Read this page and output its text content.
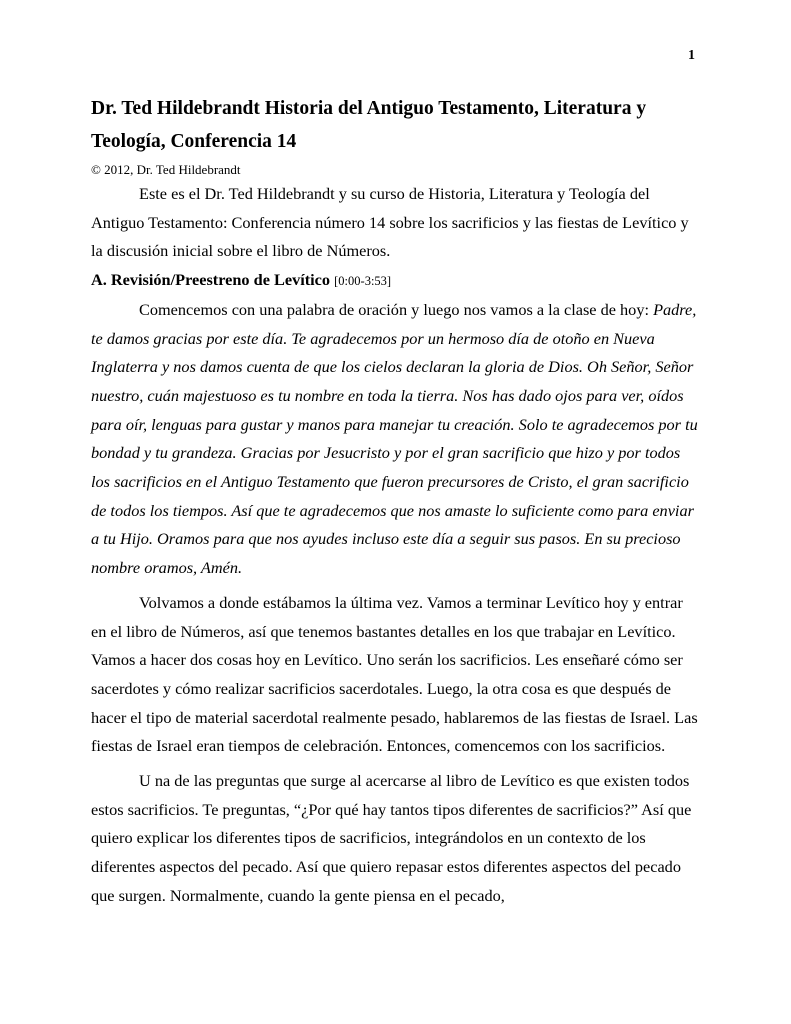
1
Dr. Ted Hildebrandt Historia del Antiguo Testamento, Literatura y Teología, Conferencia 14

© 2012, Dr. Ted Hildebrandt

Este es el Dr. Ted Hildebrandt y su curso de Historia, Literatura y Teología del Antiguo Testamento: Conferencia número 14 sobre los sacrificios y las fiestas de Levítico y la discusión inicial sobre el libro de Números.

A. Revisión/Preestreno de Levítico [0:00-3:53]

Comencemos con una palabra de oración y luego nos vamos a la clase de hoy: Padre, te damos gracias por este día. Te agradecemos por un hermoso día de otoño en Nueva Inglaterra y nos damos cuenta de que los cielos declaran la gloria de Dios. Oh Señor, Señor nuestro, cuán majestuoso es tu nombre en toda la tierra. Nos has dado ojos para ver, oídos para oír, lenguas para gustar y manos para manejar tu creación. Solo te agradecemos por tu bondad y tu grandeza. Gracias por Jesucristo y por el gran sacrificio que hizo y por todos los sacrificios en el Antiguo Testamento que fueron precursores de Cristo, el gran sacrificio de todos los tiempos. Así que te agradecemos que nos amaste lo suficiente como para enviar a tu Hijo. Oramos para que nos ayudes incluso este día a seguir sus pasos. En su precioso nombre oramos, Amén.

Volvamos a donde estábamos la última vez. Vamos a terminar Levítico hoy y entrar en el libro de Números, así que tenemos bastantes detalles en los que trabajar en Levítico. Vamos a hacer dos cosas hoy en Levítico. Uno serán los sacrificios. Les enseñaré cómo ser sacerdotes y cómo realizar sacrificios sacerdotales. Luego, la otra cosa es que después de hacer el tipo de material sacerdotal realmente pesado, hablaremos de las fiestas de Israel. Las fiestas de Israel eran tiempos de celebración. Entonces, comencemos con los sacrificios.

U na de las preguntas que surge al acercarse al libro de Levítico es que existen todos estos sacrificios. Te preguntas, “¿Por qué hay tantos tipos diferentes de sacrificios?” Así que quiero explicar los diferentes tipos de sacrificios, integrándolos en un contexto de los diferentes aspectos del pecado. Así que quiero repasar estos diferentes aspectos del pecado que surgen. Normalmente, cuando la gente piensa en el pecado,
